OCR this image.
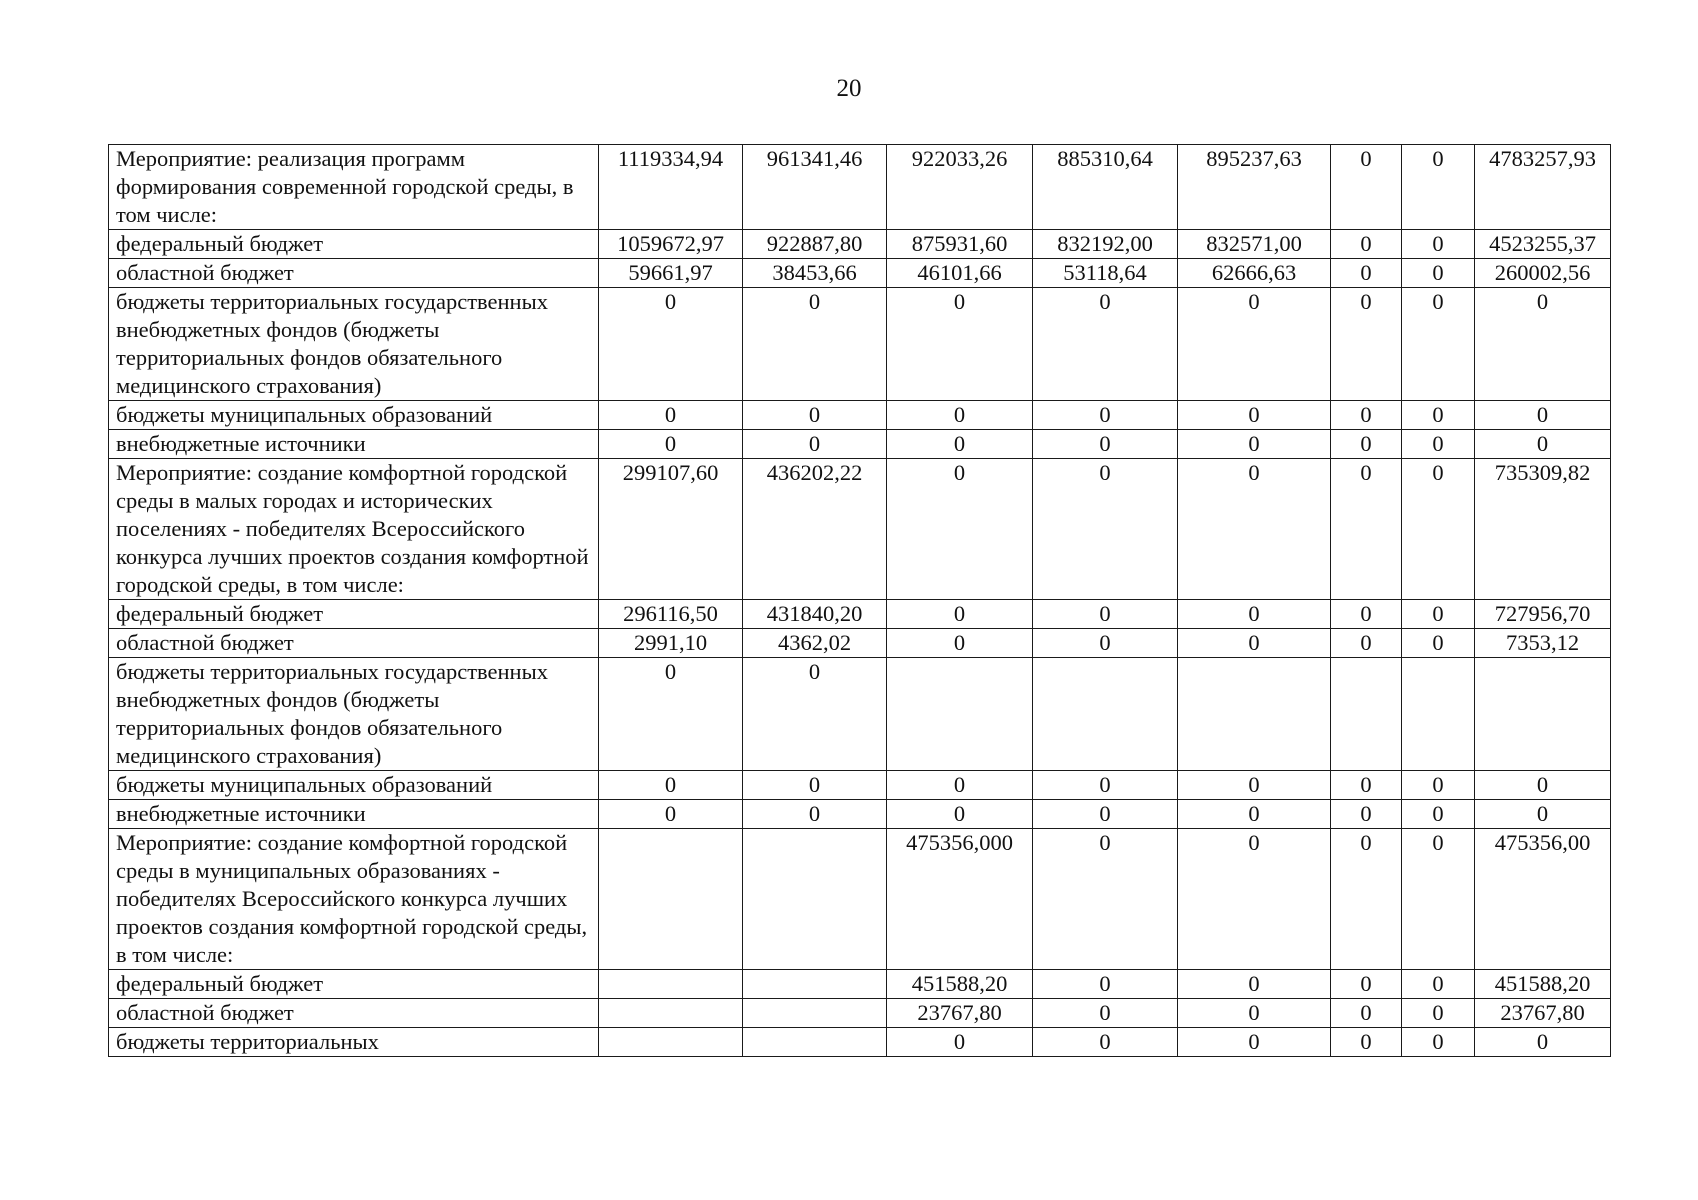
20
Мероприятие: реализация программ формирования современной городской среды, в том числе:	1119334,94	961341,46	922033,26	885310,64	895237,63	0	0	4783257,93
федеральный бюджет	1059672,97	922887,80	875931,60	832192,00	832571,00	0	0	4523255,37
областной бюджет	59661,97	38453,66	46101,66	53118,64	62666,63	0	0	260002,56
бюджеты территориальных государственных внебюджетных фондов (бюджеты территориальных фондов обязательного медицинского страхования)	0	0	0	0	0	0	0	0
бюджеты муниципальных образований	0	0	0	0	0	0	0	0
внебюджетные источники	0	0	0	0	0	0	0	0
Мероприятие: создание комфортной городской среды в малых городах и исторических поселениях - победителях Всероссийского конкурса лучших проектов создания комфортной городской среды, в том числе:	299107,60	436202,22	0	0	0	0	0	735309,82
федеральный бюджет	296116,50	431840,20	0	0	0	0	0	727956,70
областной бюджет	2991,10	4362,02	0	0	0	0	0	7353,12
бюджеты территориальных государственных внебюджетных фондов (бюджеты территориальных фондов обязательного медицинского страхования)	0	0						
бюджеты муниципальных образований	0	0	0	0	0	0	0	0
внебюджетные источники	0	0	0	0	0	0	0	0
Мероприятие: создание комфортной городской среды в муниципальных образованиях - победителях Всероссийского конкурса лучших проектов создания комфортной городской среды, в том числе:			475356,000	0	0	0	0	475356,00
федеральный бюджет			451588,20	0	0	0	0	451588,20
областной бюджет			23767,80	0	0	0	0	23767,80
бюджеты территориальных			0	0	0	0	0	0
